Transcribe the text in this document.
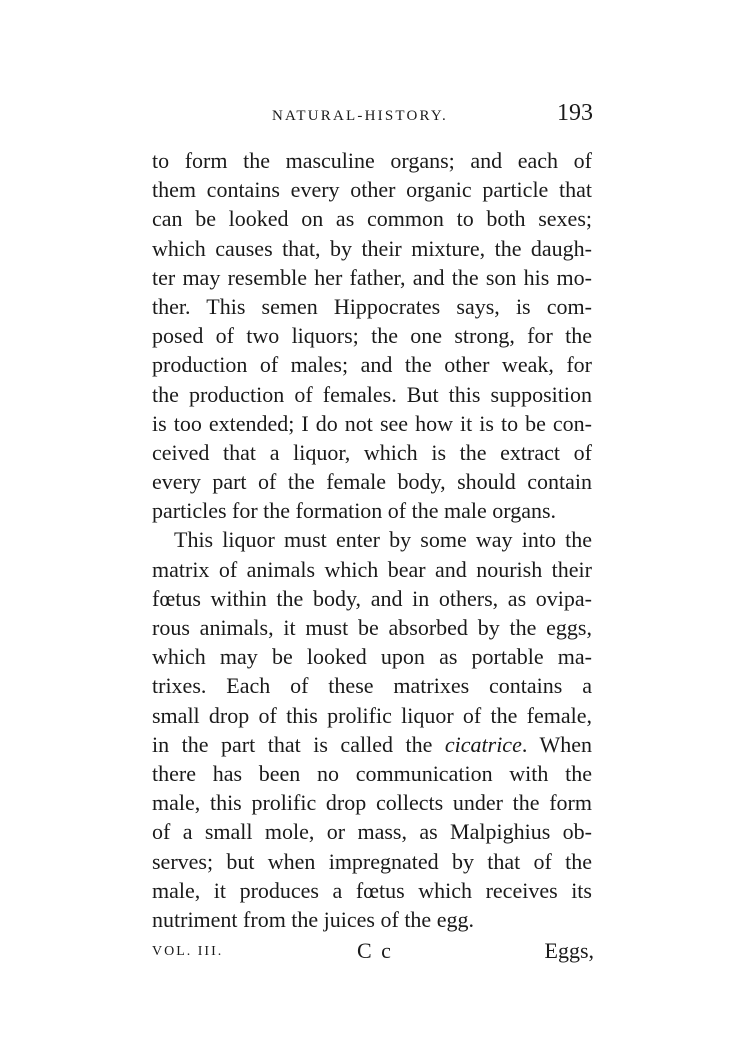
NATURAL-HISTORY.	193
to form the masculine organs; and each of
them contains every other organic particle that
can be looked on as common to both sexes;
which causes that, by their mixture, the daugh-
ter may resemble her father, and the son his mo-
ther. This semen Hippocrates says, is com-
posed of two liquors; the one strong, for the
production of males; and the other weak, for
the production of females. But this supposition
is too extended; I do not see how it is to be con-
ceived that a liquor, which is the extract of
every part of the female body, should contain
particles for the formation of the male organs.
This liquor must enter by some way into the
matrix of animals which bear and nourish their
fœtus within the body, and in others, as ovipa-
rous animals, it must be absorbed by the eggs,
which may be looked upon as portable ma-
trixes. Each of these matrixes contains a
small drop of this prolific liquor of the female,
in the part that is called the cicatrice. When
there has been no communication with the
male, this prolific drop collects under the form
of a small mole, or mass, as Malpighius ob-
serves; but when impregnated by that of the
male, it produces a fœtus which receives its
nutriment from the juices of the egg.
VOL. III.	C c	Eggs,
